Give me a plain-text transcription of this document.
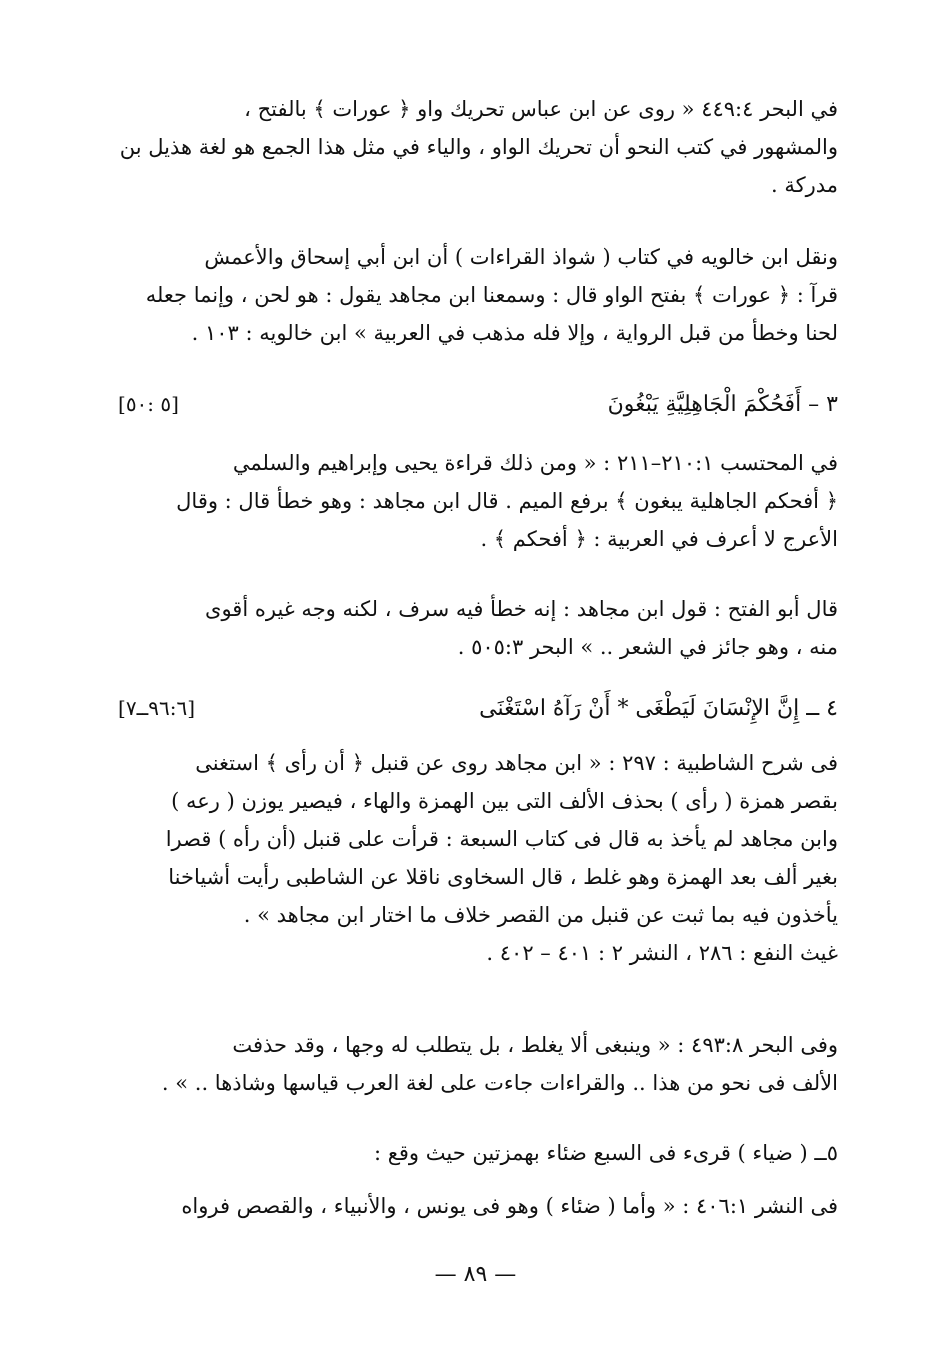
في البحر ٤٤٩:٤ « روى عن ابن عباس تحريك واو ﴿ عورات ﴾ بالفتح ،

والمشهور في كتب النحو أن تحريك الواو ، والياء في مثل هذا الجمع هو لغة هذيل بن

مدركة .

ونقل ابن خالويه في كتاب ( شواذ القراءات ) أن ابن أبي إسحاق والأعمش

قرآ : ﴿ عورات ﴾ بفتح الواو قال : وسمعنا ابن مجاهد يقول : هو لحن ، وإنما جعله

لحنا وخطأ من قبل الرواية ، وإلا فله مذهب في العربية » ابن خالويه : ١٠٣ .

٣ – أَفَحُكْمَ الْجَاهِلِيَّةِ يَبْغُونَ
[٥ :٥٠]

في المحتسب ٢١٠:١–٢١١ : « ومن ذلك قراءة يحيى وإبراهيم والسلمي

﴿ أفحكم الجاهلية يبغون ﴾ برفع الميم . قال ابن مجاهد : وهو خطأ قال : وقال

الأعرج لا أعرف في العربية : ﴿ أفحكم ﴾ .

قال أبو الفتح : قول ابن مجاهد : إنه خطأ فيه سرف ، لكنه وجه غيره أقوى

منه ، وهو جائز في الشعر .. » البحر ٥٠٥:٣ .

٤ ــ إِنَّ الإِنْسَانَ لَيَطْغَى * أَنْ رَآهُ اسْتَغْنَى
[٩٦:٦ــ٧]

فى شرح الشاطبية : ٢٩٧ : « ابن مجاهد روى عن قنبل ﴿ أن رأى ﴾ استغنى

بقصر همزة ( رأى ) بحذف الألف التى بين الهمزة والهاء ، فيصير يوزن ( رعه )

وابن مجاهد لم يأخذ به قال فى كتاب السبعة : قرأت على قنبل (أن رأه ) قصرا

بغير ألف بعد الهمزة وهو غلط ، قال السخاوى ناقلا عن الشاطبى رأيت أشياخنا

يأخذون فيه بما ثبت عن قنبل من القصر خلاف ما اختار ابن مجاهد » .

غيث النفع : ٢٨٦ ، النشر ٢ : ٤٠١ – ٤٠٢ .

وفى البحر ٤٩٣:٨ : « وينبغى ألا يغلط ، بل يتطلب له وجها ، وقد حذفت

الألف فى نحو من هذا .. والقراءات جاءت على لغة العرب قياسها وشاذها .. » .

٥ــ ( ضياء ) قرىء فى السبع ضئاء بهمزتين حيث وقع :

فى النشر ٤٠٦:١ : « وأما ( ضئاء ) وهو فى يونس ، والأنبياء ، والقصص فرواه

— ٨٩ —
